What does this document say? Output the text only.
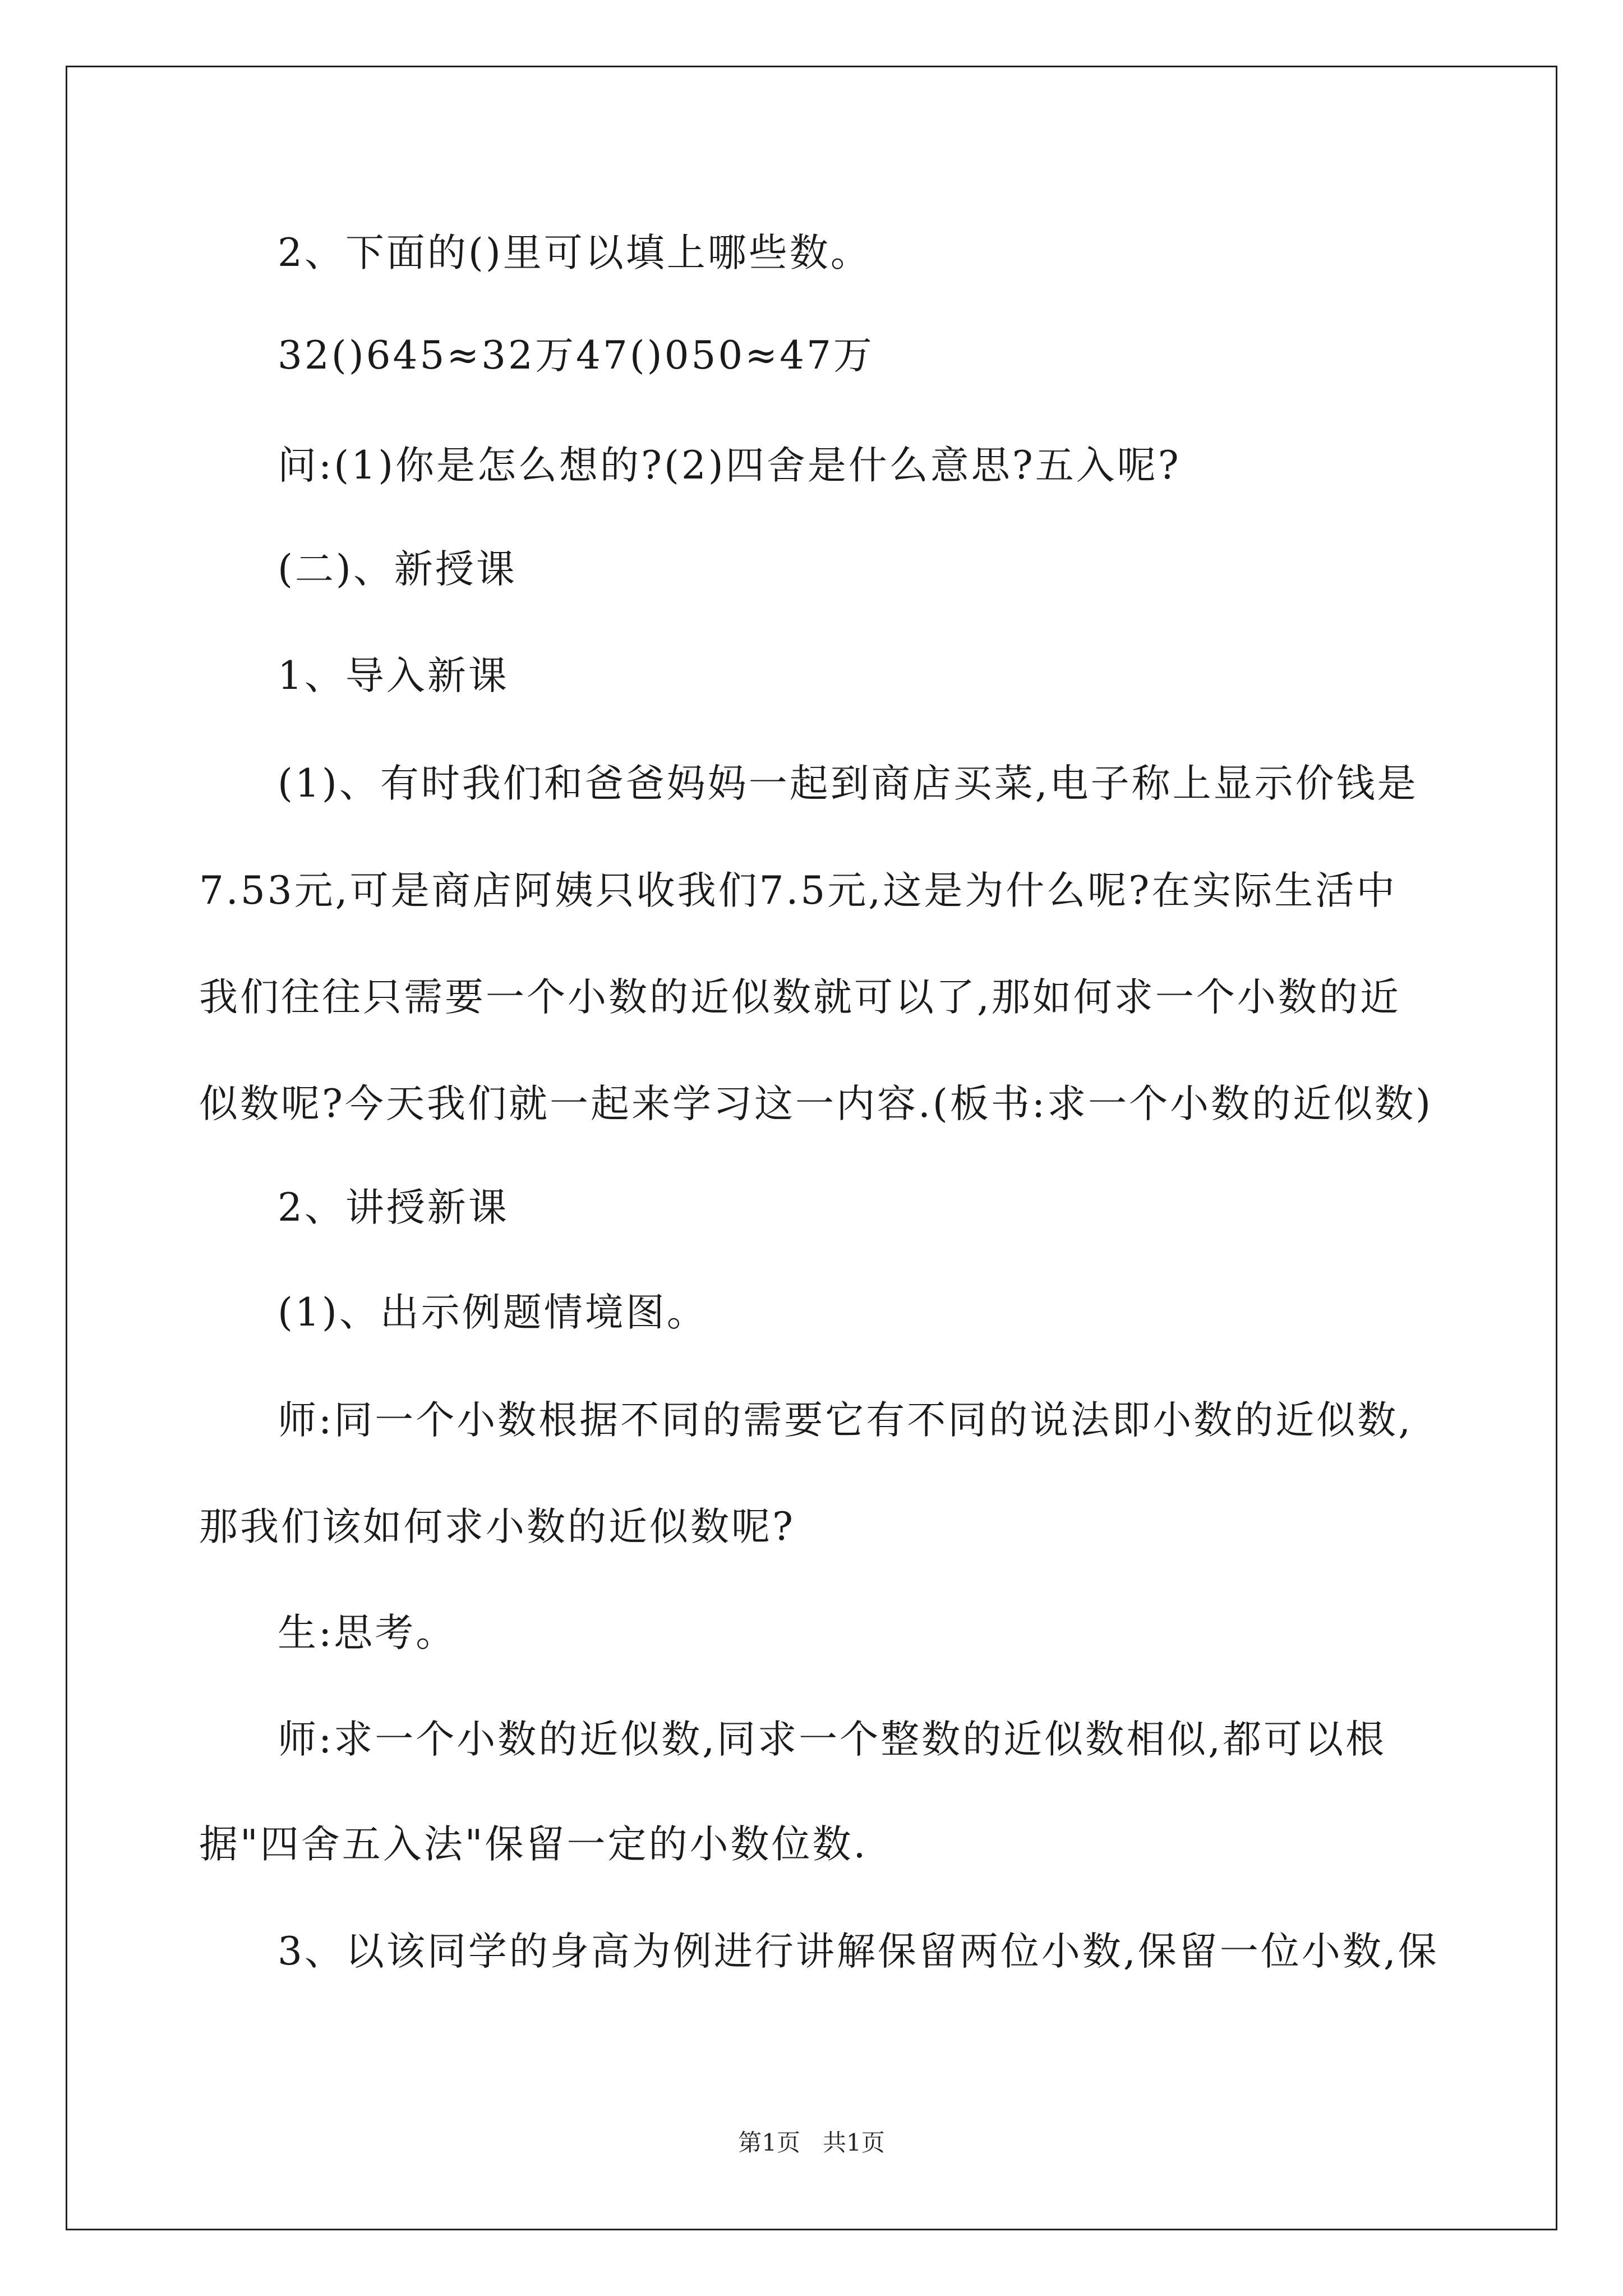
2、下面的()里可以填上哪些数。
32()645≈32万47()050≈47万
问:(1)你是怎么想的?(2)四舍是什么意思?五入呢?
(二)、新授课
1、导入新课
(1)、有时我们和爸爸妈妈一起到商店买菜,电子称上显示价钱是
7.53元,可是商店阿姨只收我们7.5元,这是为什么呢?在实际生活中
我们往往只需要一个小数的近似数就可以了,那如何求一个小数的近
似数呢?今天我们就一起来学习这一内容.(板书:求一个小数的近似数)
2、讲授新课
(1)、出示例题情境图。
师:同一个小数根据不同的需要它有不同的说法即小数的近似数,
那我们该如何求小数的近似数呢?
生:思考。
师:求一个小数的近似数,同求一个整数的近似数相似,都可以根
据"四舍五入法"保留一定的小数位数.
3、以该同学的身高为例进行讲解保留两位小数,保留一位小数,保
第1页 共1页
